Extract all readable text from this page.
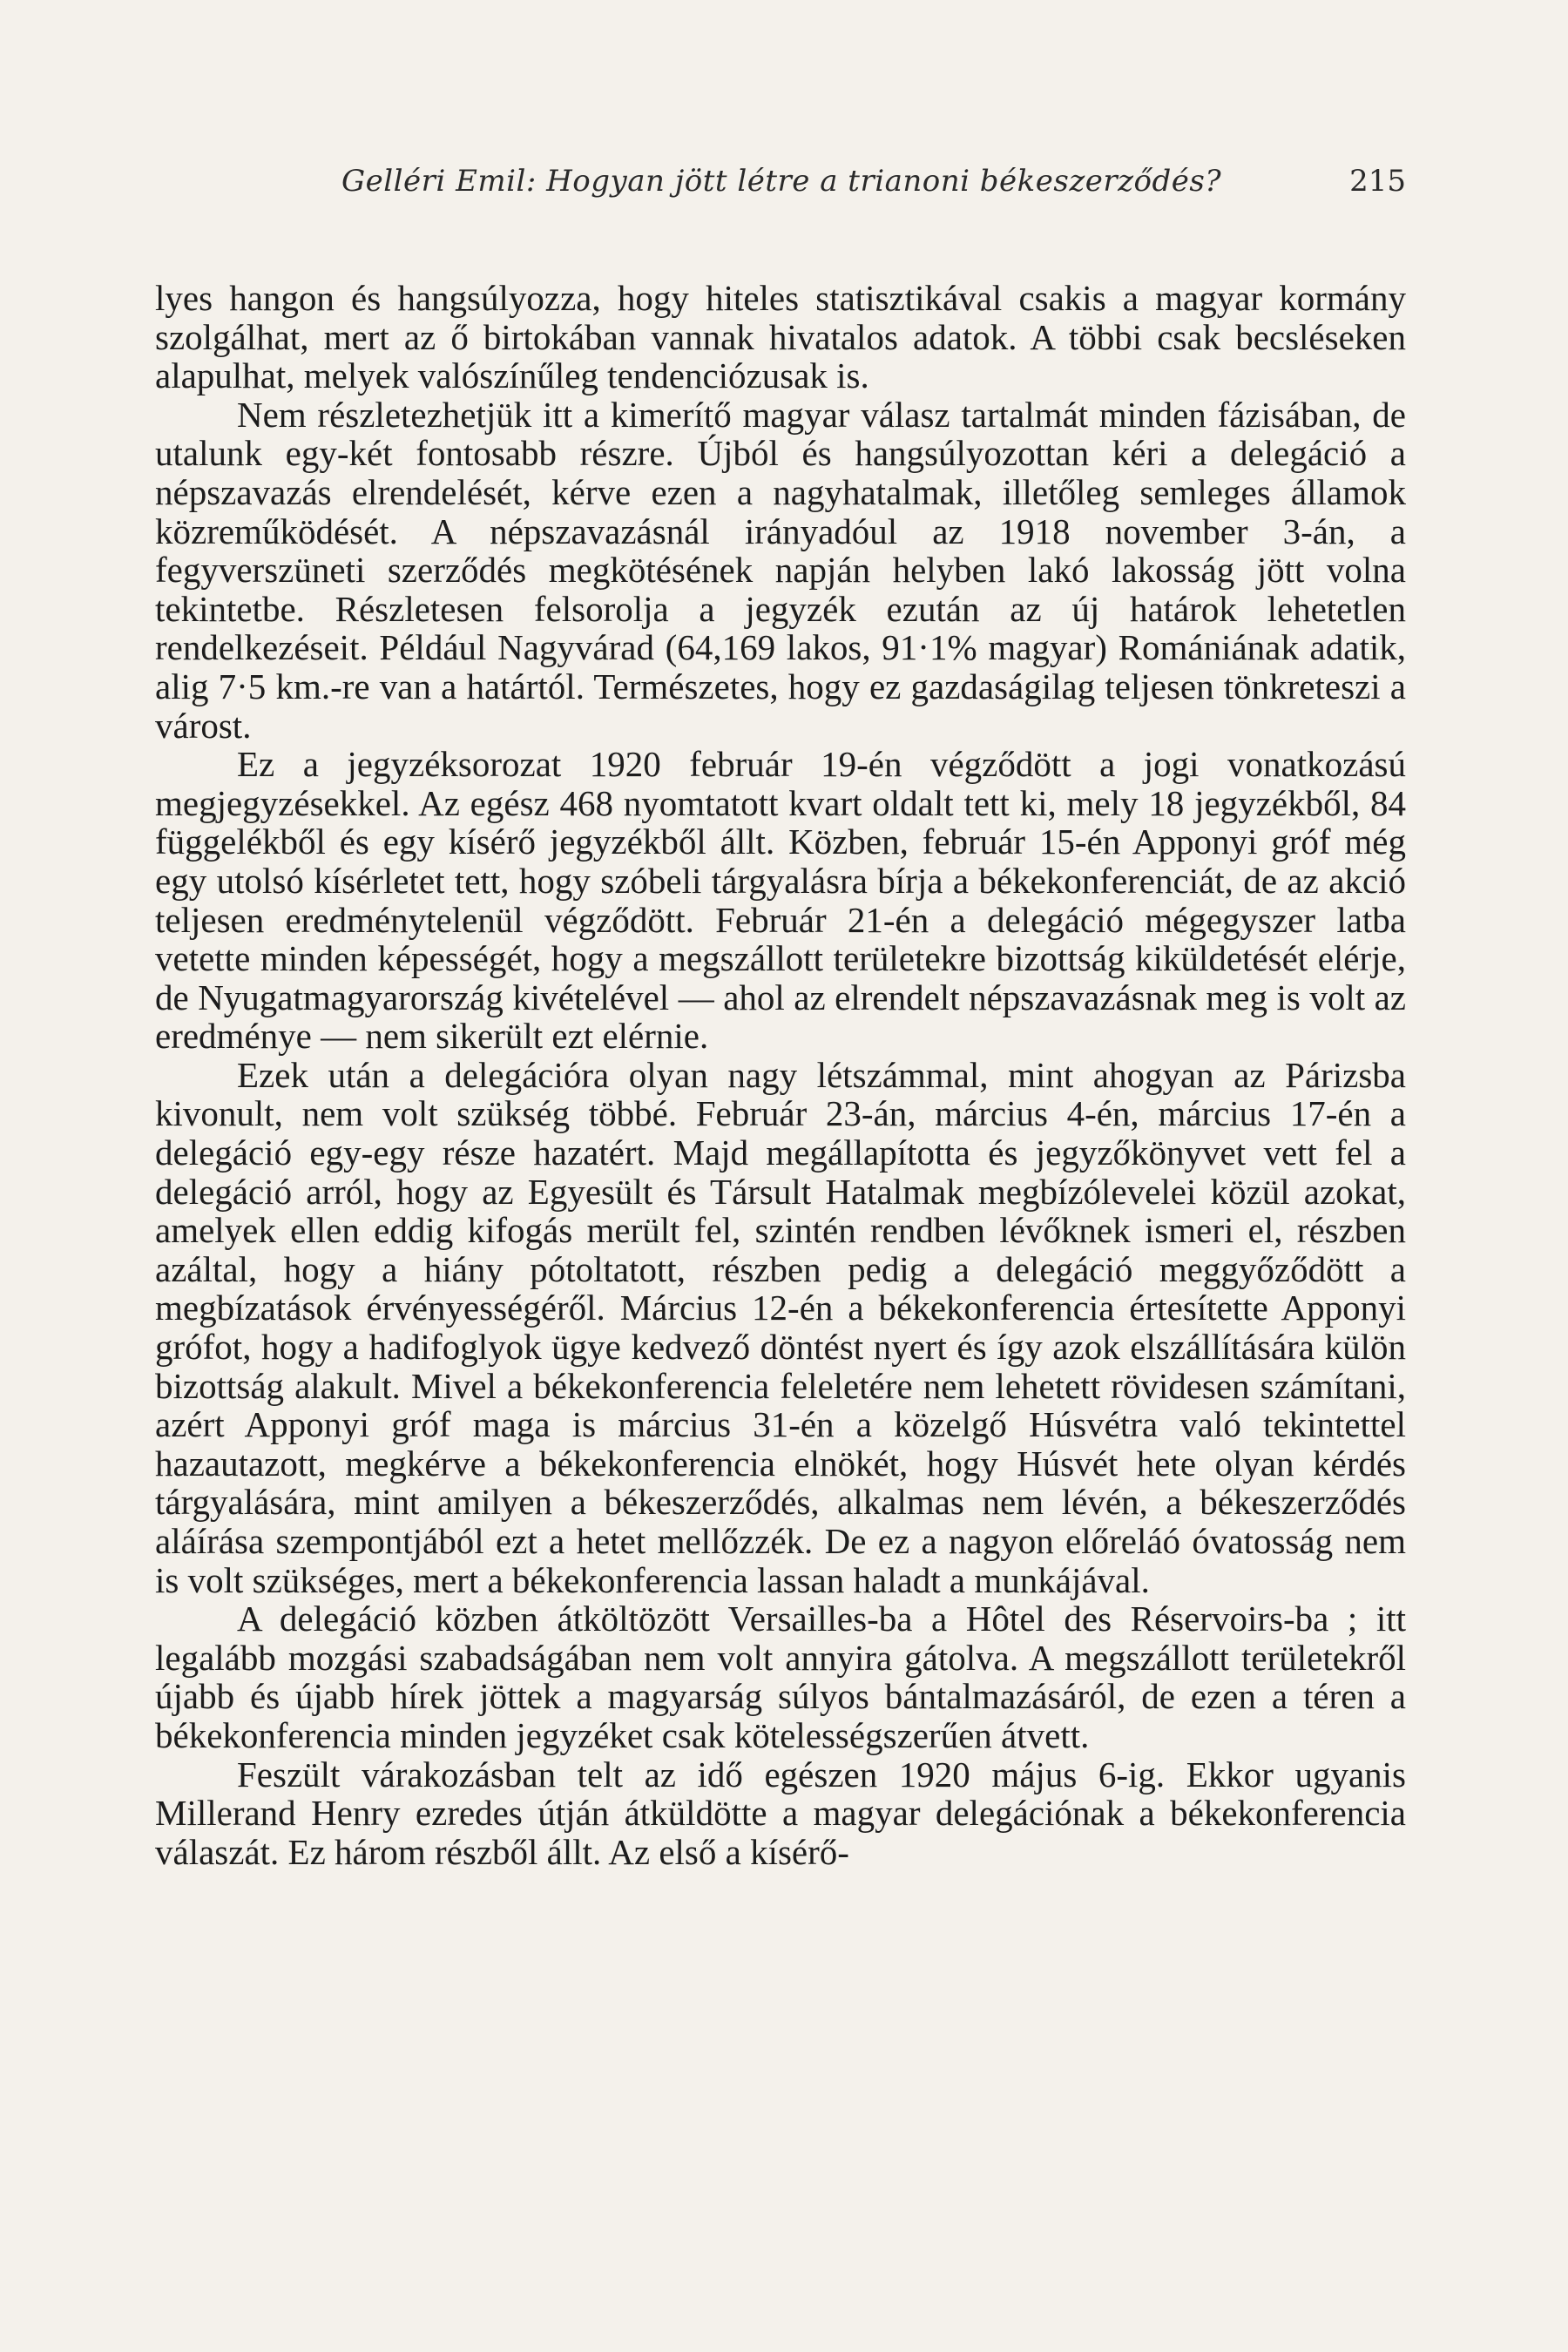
Gelléri Emil: Hogyan jött létre a trianoni békeszerződés?	215

lyes hangon és hangsúlyozza, hogy hiteles statisztikával csakis a magyar kormány szolgálhat, mert az ő birtokában vannak hivatalos adatok. A többi csak becsléseken alapulhat, melyek valószínűleg tendenciózusak is.

Nem részletezhetjük itt a kimerítő magyar válasz tartalmát minden fázisában, de utalunk egy-két fontosabb részre. Újból és hangsúlyozottan kéri a delegáció a népszavazás elrendelését, kérve ezen a nagyhatalmak, illetőleg semleges államok közreműködését. A népszavazásnál irányadóul az 1918 november 3-án, a fegyverszüneti szerződés megkötésének napján helyben lakó lakosság jött volna tekintetbe. Részletesen felsorolja a jegyzék ezután az új határok lehetetlen rendelkezéseit. Például Nagyvárad (64,169 lakos, 91·1% magyar) Romániának adatik, alig 7·5 km.-re van a határtól. Természetes, hogy ez gazdaságilag teljesen tönkreteszi a várost.

Ez a jegyzéksorozat 1920 február 19-én végződött a jogi vonatkozású megjegyzésekkel. Az egész 468 nyomtatott kvart oldalt tett ki, mely 18 jegyzékből, 84 függelékből és egy kísérő jegyzékből állt. Közben, február 15-én Apponyi gróf még egy utolsó kísérletet tett, hogy szóbeli tárgyalásra bírja a békekonferenciát, de az akció teljesen eredménytelenül végződött. Február 21-én a delegáció mégegyszer latba vetette minden képességét, hogy a megszállott területekre bizottság kiküldetését elérje, de Nyugatmagyarország kivételével — ahol az elrendelt népszavazásnak meg is volt az eredménye — nem sikerült ezt elérnie.

Ezek után a delegációra olyan nagy létszámmal, mint ahogyan az Párizsba kivonult, nem volt szükség többé. Február 23-án, március 4-én, március 17-én a delegáció egy-egy része hazatért. Majd megállapította és jegyzőkönyvet vett fel a delegáció arról, hogy az Egyesült és Társult Hatalmak megbízólevelei közül azokat, amelyek ellen eddig kifogás merült fel, szintén rendben lévőknek ismeri el, részben azáltal, hogy a hiány pótoltatott, részben pedig a delegáció meggyőződött a megbízatások érvényességéről. Március 12-én a békekonferencia értesítette Apponyi grófot, hogy a hadifoglyok ügye kedvező döntést nyert és így azok elszállítására külön bizottság alakult. Mivel a békekonferencia feleletére nem lehetett rövidesen számítani, azért Apponyi gróf maga is március 31-én a közelgő Húsvétra való tekintettel hazautazott, megkérve a békekonferencia elnökét, hogy Húsvét hete olyan kérdés tárgyalására, mint amilyen a békeszerződés, alkalmas nem lévén, a békeszerződés aláírása szempontjából ezt a hetet mellőzzék. De ez a nagyon előreláó óvatosság nem is volt szükséges, mert a békekonferencia lassan haladt a munkájával.

A delegáció közben átköltözött Versailles-ba a Hôtel des Réservoirs-ba ; itt legalább mozgási szabadságában nem volt annyira gátolva. A megszállott területekről újabb és újabb hírek jöttek a magyarság súlyos bántalmazásáról, de ezen a téren a békekonferencia minden jegyzéket csak kötelességszerűen átvett.

Feszült várakozásban telt az idő egészen 1920 május 6-ig. Ekkor ugyanis Millerand Henry ezredes útján átküldötte a magyar delegációnak a békekonferencia válaszát. Ez három részből állt. Az első a kísérő-
